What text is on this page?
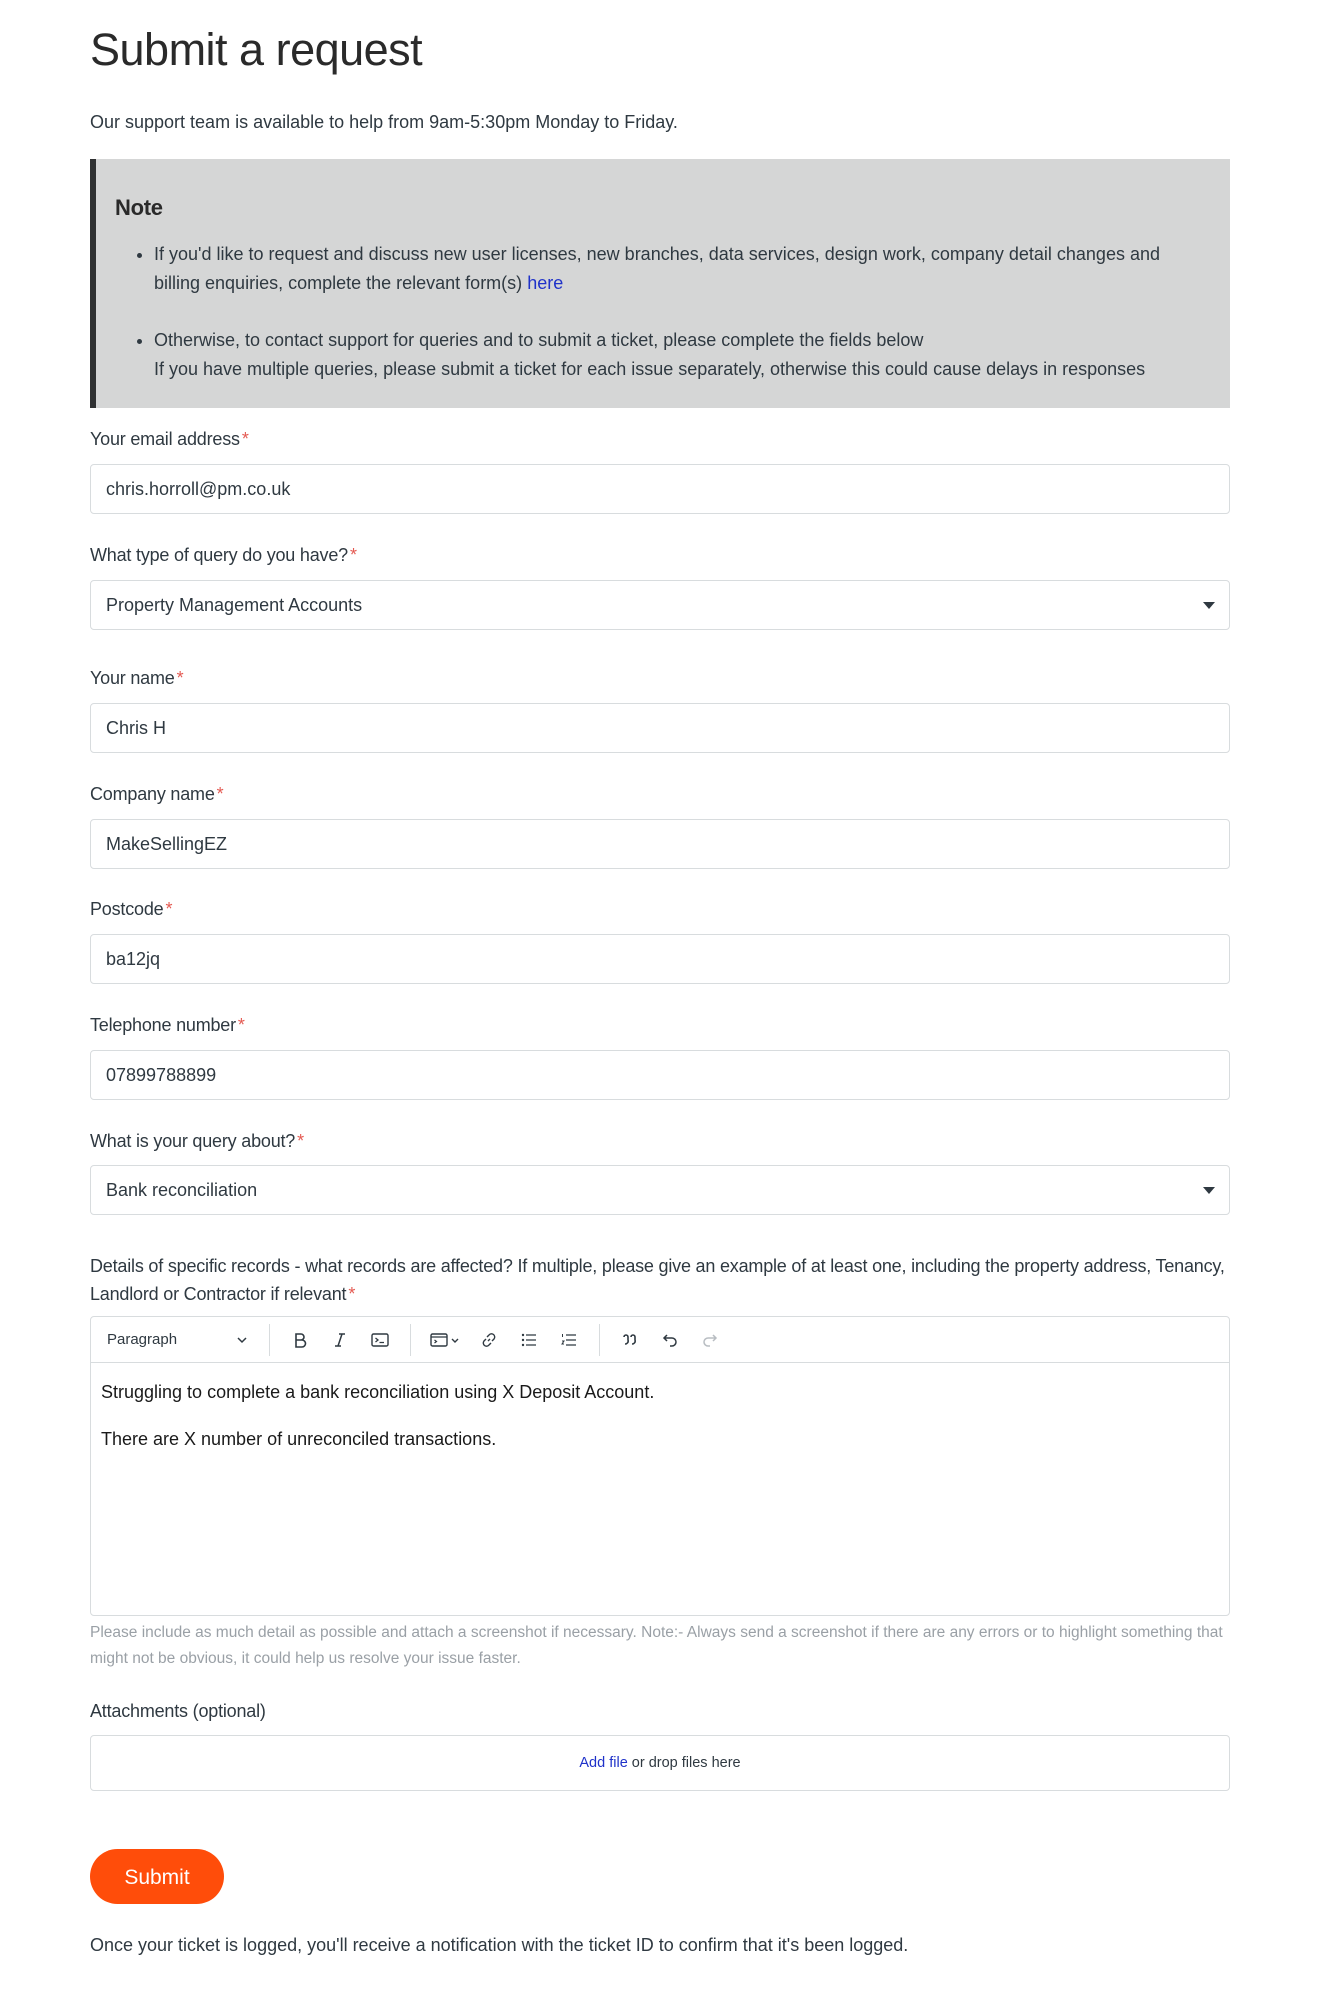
Submit a request
Our support team is available to help from 9am-5:30pm Monday to Friday.
Note
• If you'd like to request and discuss new user licenses, new branches, data services, design work, company detail changes and billing enquiries, complete the relevant form(s) here
• Otherwise, to contact support for queries and to submit a ticket, please complete the fields below
If you have multiple queries, please submit a ticket for each issue separately, otherwise this could cause delays in responses
Your email address *
chris.horroll@pm.co.uk
What type of query do you have? *
Property Management Accounts
Your name *
Chris H
Company name *
MakeSellingEZ
Postcode *
ba12jq
Telephone number *
07899788899
What is your query about? *
Bank reconciliation
Details of specific records - what records are affected? If multiple, please give an example of at least one, including the property address, Tenancy,
Landlord or Contractor if relevant *
Paragraph

Struggling to complete a bank reconciliation using X Deposit Account.

There are X number of unreconciled transactions.

Please include as much detail as possible and attach a screenshot if necessary. Note:- Always send a screenshot if there are any errors or to highlight something that might not be obvious, it could help us resolve your issue faster.
Attachments (optional)
Add file or drop files here
Submit
Once your ticket is logged, you'll receive a notification with the ticket ID to confirm that it's been logged.
